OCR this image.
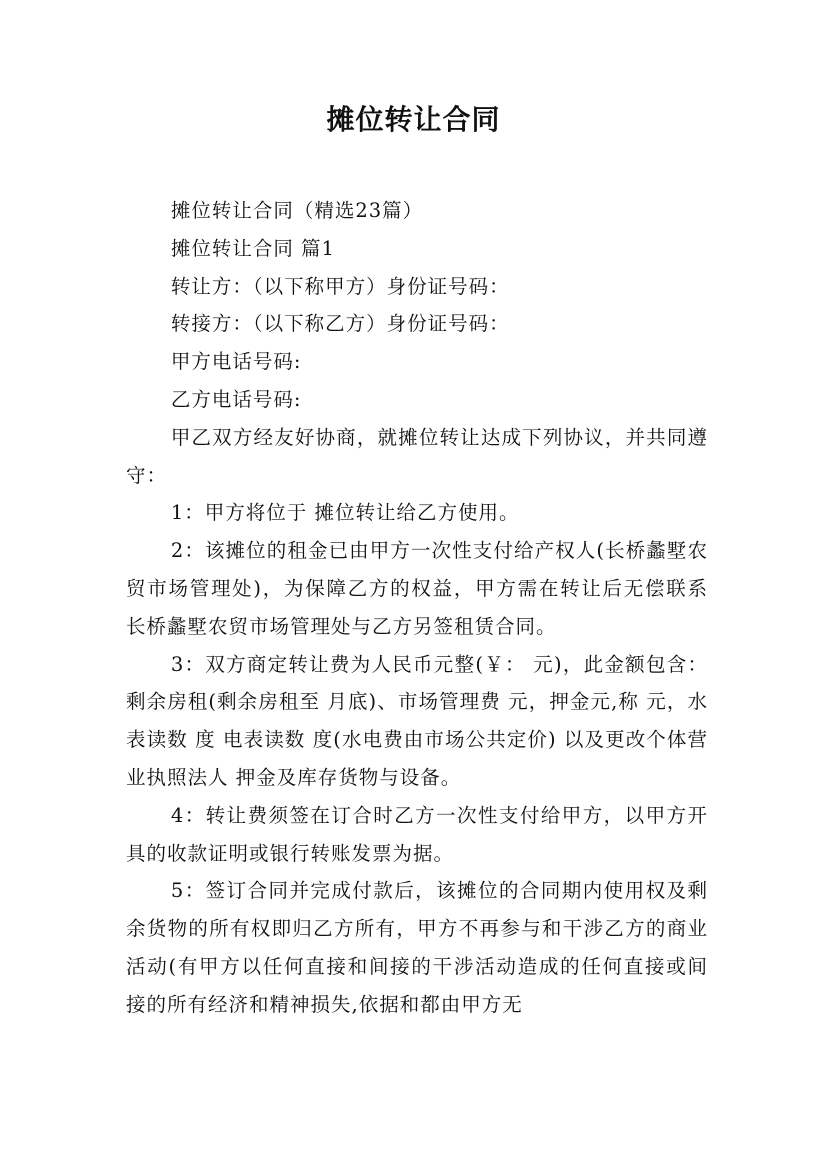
摊位转让合同

摊位转让合同（精选23篇）

摊位转让合同 篇1

转让方：（以下称甲方）身份证号码：

转接方：（以下称乙方）身份证号码：

甲方电话号码:

乙方电话号码:

甲乙双方经友好协商，就摊位转让达成下列协议，并共同遵守：

1：甲方将位于 摊位转让给乙方使用。

2：该摊位的租金已由甲方一次性支付给产权人(长桥蠡墅农贸市场管理处)，为保障乙方的权益，甲方需在转让后无偿联系长桥蠡墅农贸市场管理处与乙方另签租赁合同。

3：双方商定转让费为人民币元整(￥： 元)，此金额包含：剩余房租(剩余房租至 月底)、市场管理费 元，押金元,称 元，水表读数 度 电表读数 度(水电费由市场公共定价) 以及更改个体营业执照法人 押金及库存货物与设备。

4：转让费须签在订合时乙方一次性支付给甲方，以甲方开具的收款证明或银行转账发票为据。

5：签订合同并完成付款后，该摊位的合同期内使用权及剩余货物的所有权即归乙方所有，甲方不再参与和干涉乙方的商业活动(有甲方以任何直接和间接的干涉活动造成的任何直接或间接的所有经济和精神损失,依据和都由甲方无
